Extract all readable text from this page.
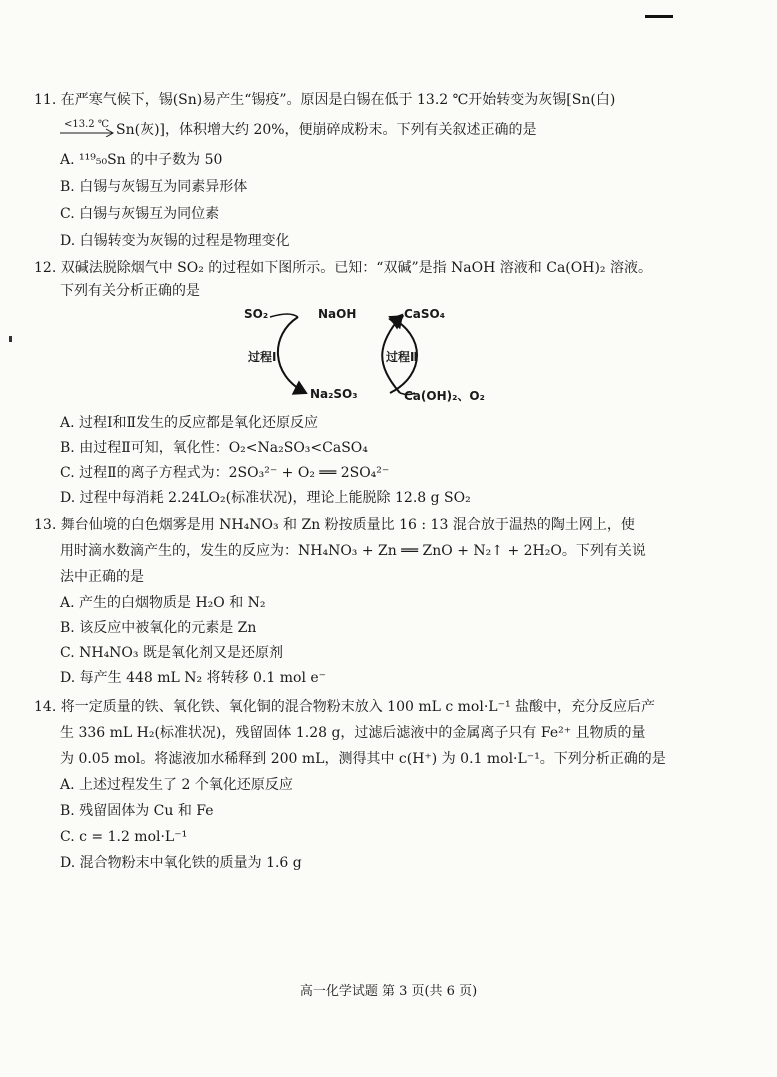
11. 在严寒气候下，锡(Sn)易产生“锡疫”。原因是白锡在低于 13.2 ℃开始转变为灰锡[Sn(白)
<13.2 ℃ Sn(灰)]，体积增大约 20%，便崩碎成粉末。下列有关叙述正确的是
A. ¹¹⁹₅₀Sn 的中子数为 50
B. 白锡与灰锡互为同素异形体
C. 白锡与灰锡互为同位素
D. 白锡转变为灰锡的过程是物理变化
12. 双碱法脱除烟气中 SO₂ 的过程如下图所示。已知：“双碱”是指 NaOH 溶液和 Ca(OH)₂ 溶液。
下列有关分析正确的是
SO₂	NaOH	CaSO₄
过程Ⅰ	过程Ⅱ
Na₂SO₃	Ca(OH)₂、O₂
A. 过程Ⅰ和Ⅱ发生的反应都是氧化还原反应
B. 由过程Ⅱ可知，氧化性：O₂<Na₂SO₃<CaSO₄
C. 过程Ⅱ的离子方程式为：2SO₃²⁻ + O₂ ══ 2SO₄²⁻
D. 过程中每消耗 2.24LO₂(标准状况)，理论上能脱除 12.8 g SO₂
13. 舞台仙境的白色烟雾是用 NH₄NO₃ 和 Zn 粉按质量比 16 : 13 混合放于温热的陶土网上，使
用时滴水数滴产生的，发生的反应为：NH₄NO₃ + Zn ══ ZnO + N₂↑ + 2H₂O。下列有关说
法中正确的是
A. 产生的白烟物质是 H₂O 和 N₂
B. 该反应中被氧化的元素是 Zn
C. NH₄NO₃ 既是氧化剂又是还原剂
D. 每产生 448 mL N₂ 将转移 0.1 mol e⁻
14. 将一定质量的铁、氧化铁、氧化铜的混合物粉末放入 100 mL c mol·L⁻¹ 盐酸中，充分反应后产
生 336 mL H₂(标准状况)，残留固体 1.28 g，过滤后滤液中的金属离子只有 Fe²⁺ 且物质的量
为 0.05 mol。将滤液加水稀释到 200 mL，测得其中 c(H⁺) 为 0.1 mol·L⁻¹。下列分析正确的是
A. 上述过程发生了 2 个氧化还原反应
B. 残留固体为 Cu 和 Fe
C. c = 1.2 mol·L⁻¹
D. 混合物粉末中氧化铁的质量为 1.6 g
高一化学试题 第 3 页(共 6 页)
